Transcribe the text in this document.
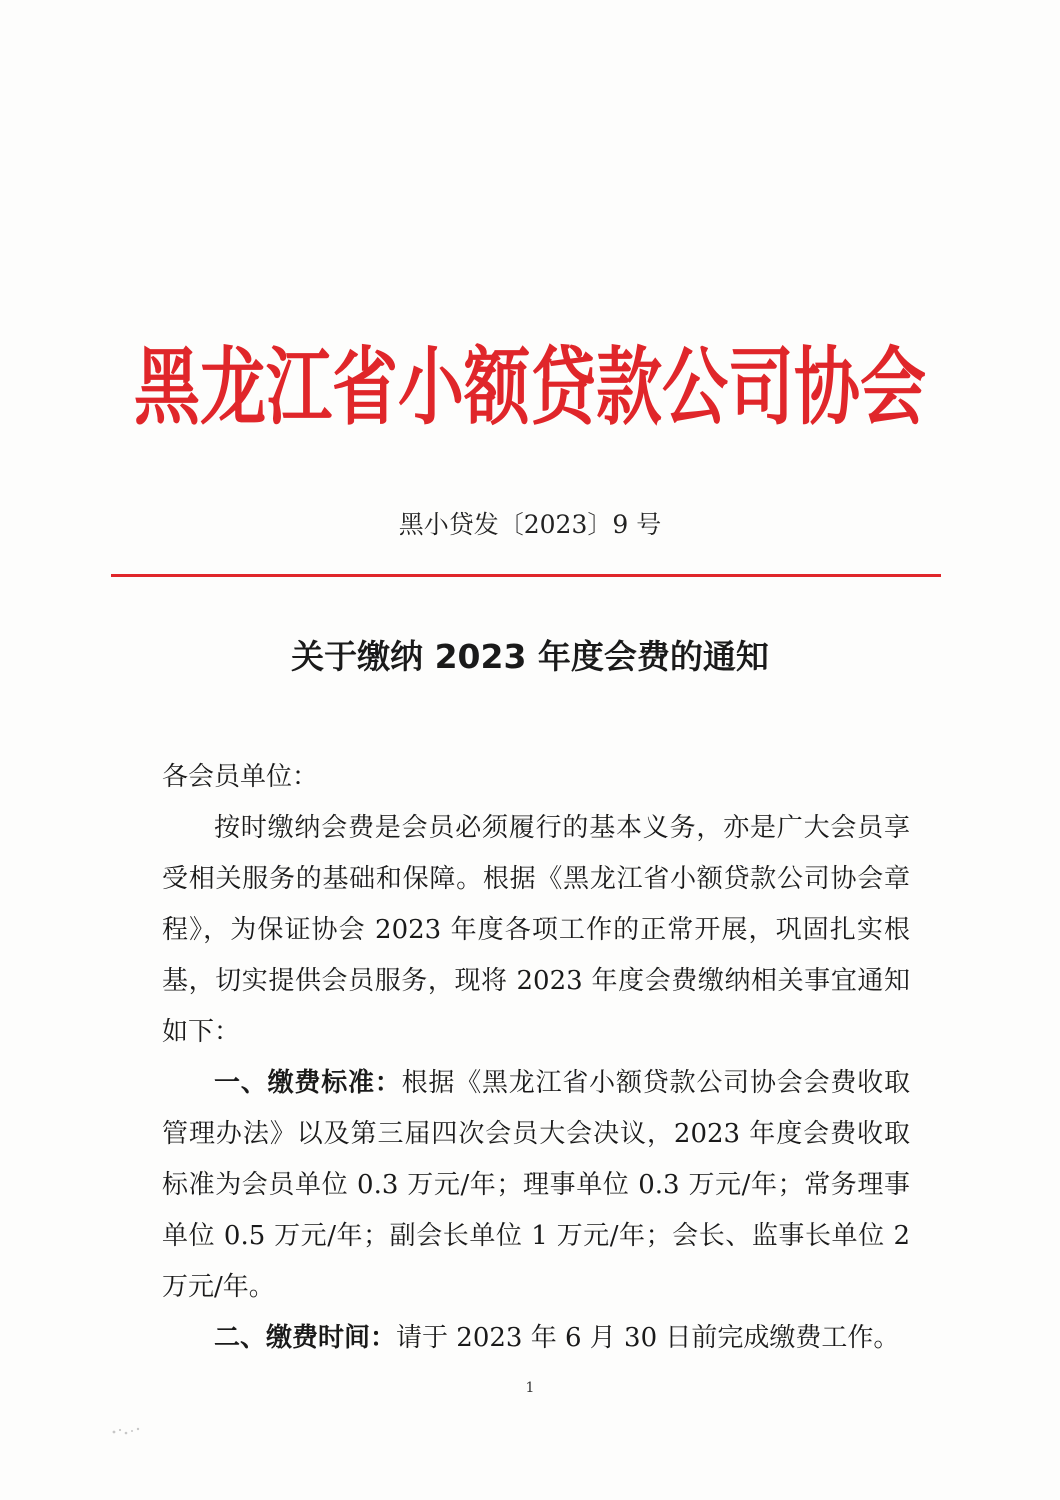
黑龙江省小额贷款公司协会
黑小贷发〔2023〕9 号
关于缴纳 2023 年度会费的通知

各会员单位：

按时缴纳会费是会员必须履行的基本义务，亦是广大会员享受相关服务的基础和保障。根据《黑龙江省小额贷款公司协会章程》，为保证协会 2023 年度各项工作的正常开展，巩固扎实根基，切实提供会员服务，现将 2023 年度会费缴纳相关事宜通知如下：

一、缴费标准：根据《黑龙江省小额贷款公司协会会费收取管理办法》以及第三届四次会员大会决议，2023 年度会费收取标准为会员单位 0.3 万元/年；理事单位 0.3 万元/年；常务理事单位 0.5 万元/年；副会长单位 1 万元/年；会长、监事长单位 2 万元/年。

二、缴费时间：请于 2023 年 6 月 30 日前完成缴费工作。

1
